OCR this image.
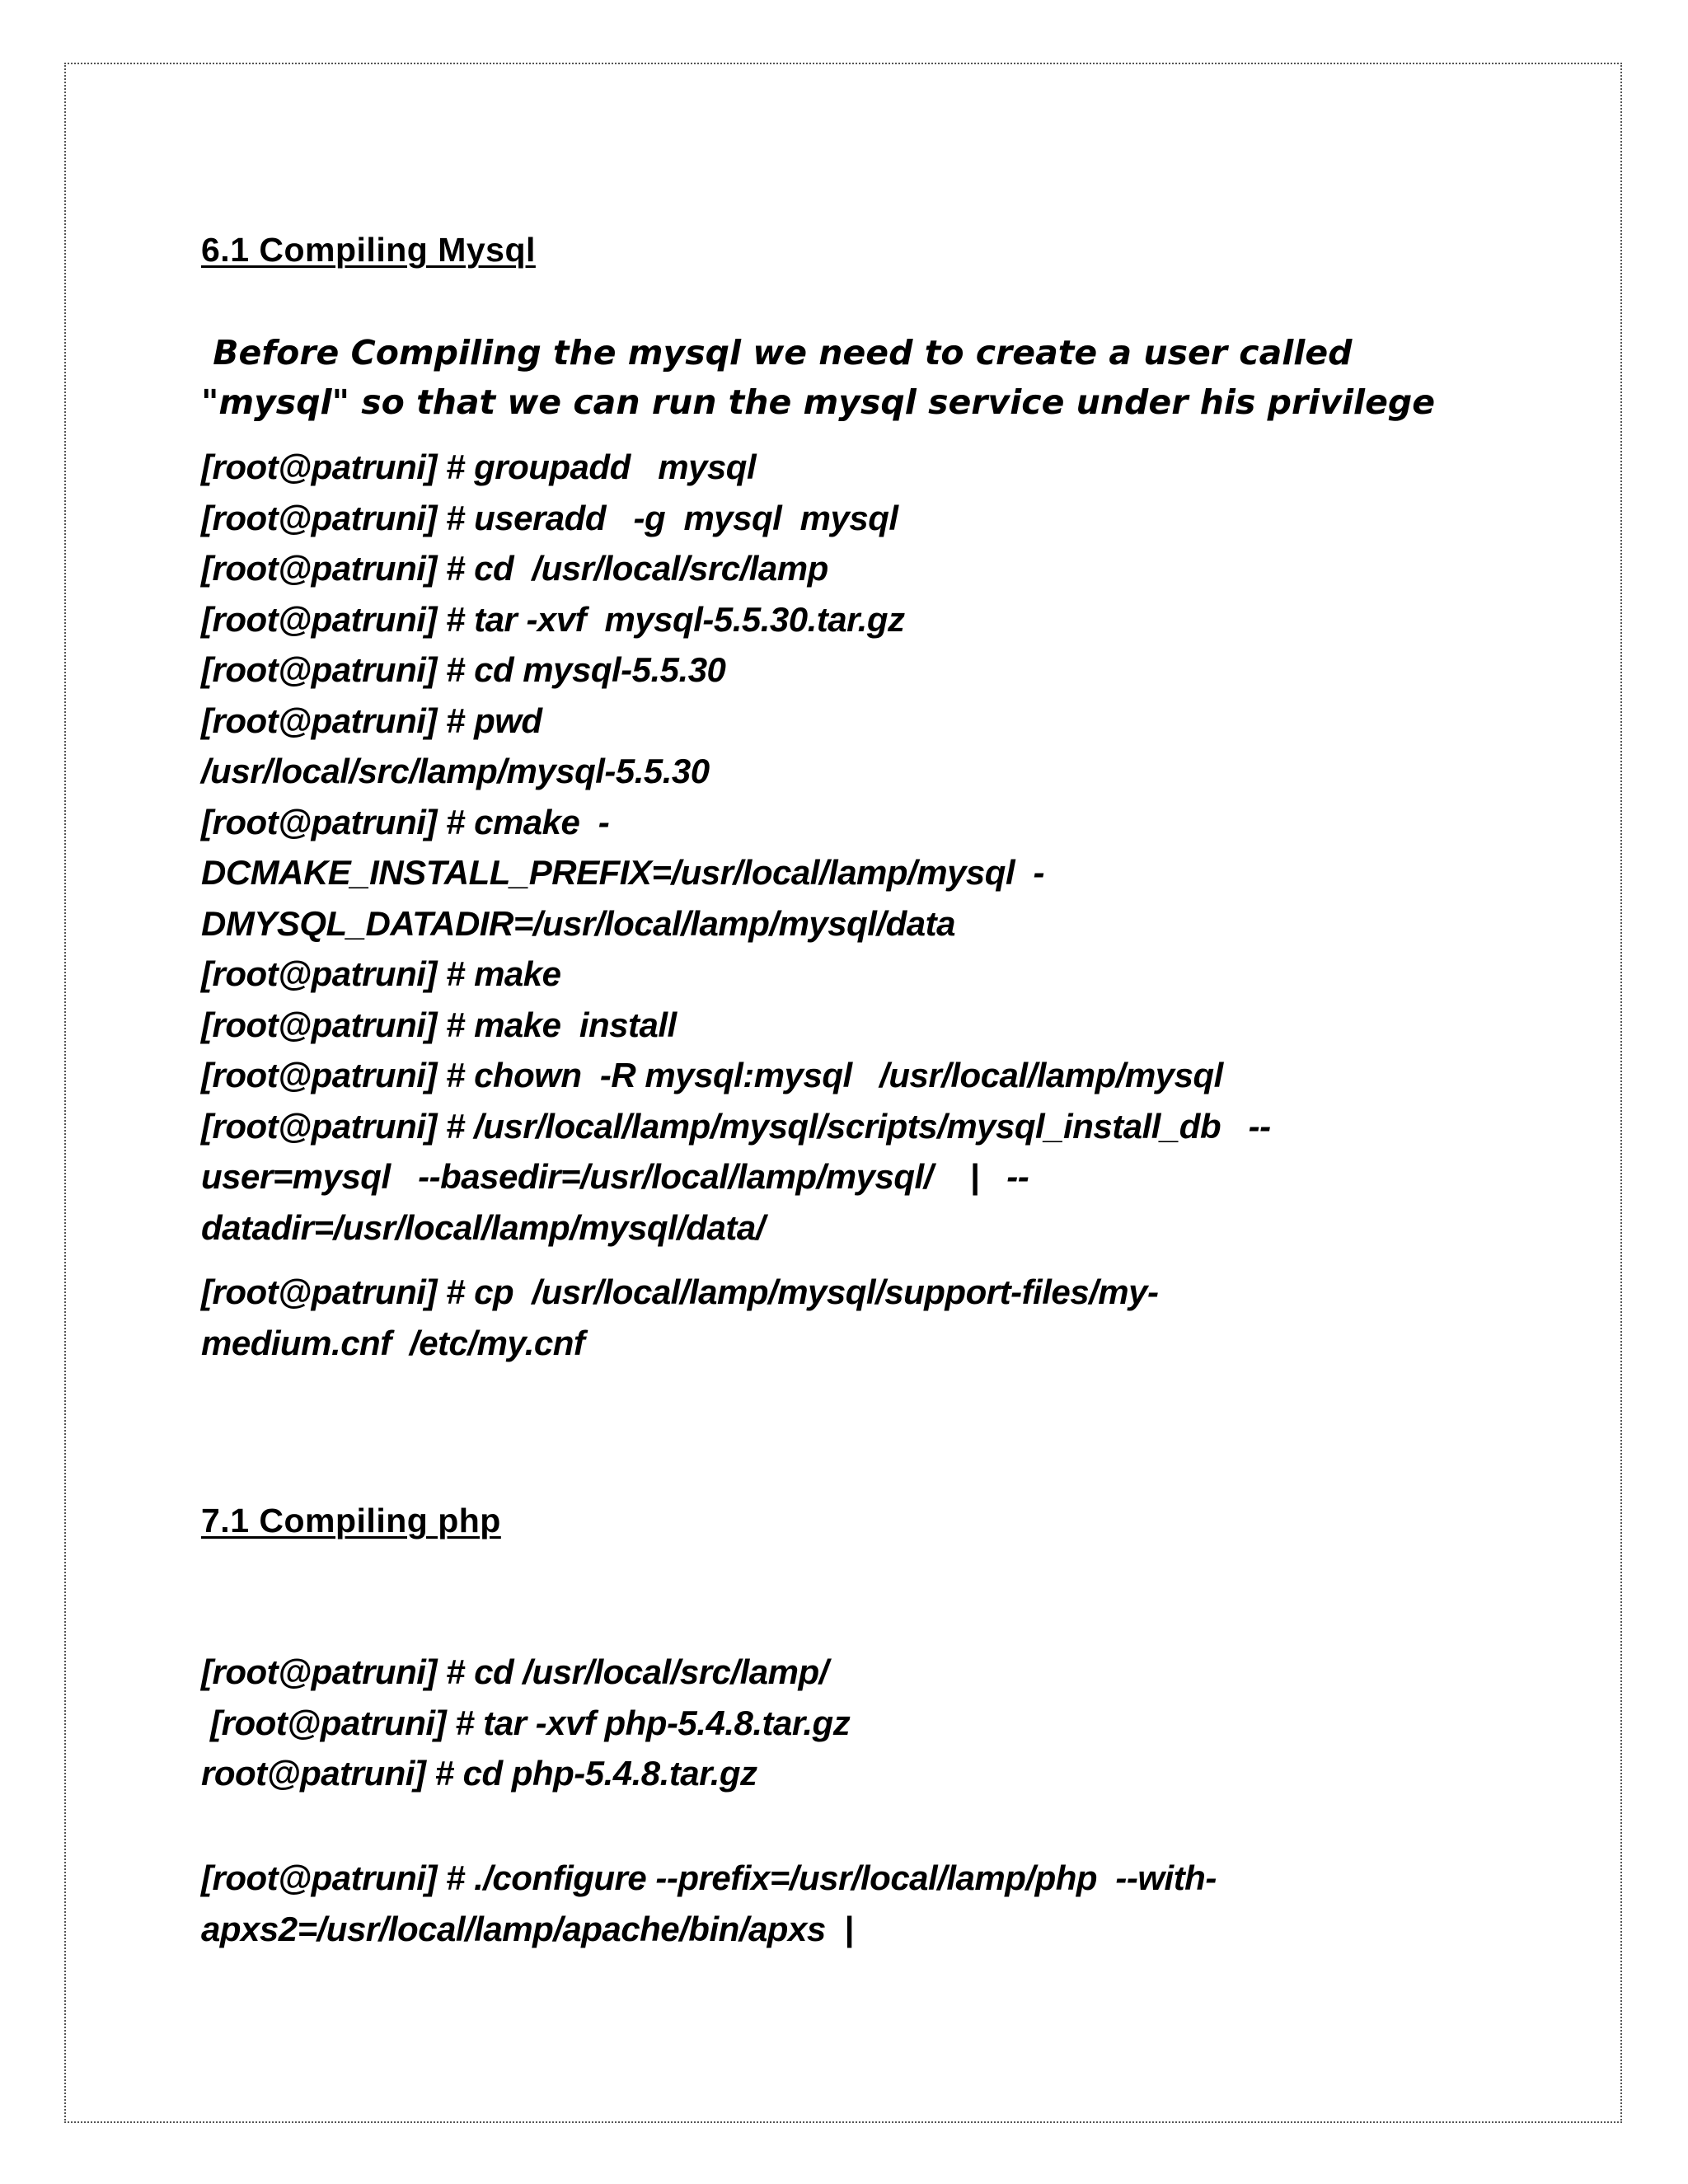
6.1 Compiling Mysql
Before Compiling the mysql we need to create a user called
"mysql" so that we can run the mysql service under his privilege
[root@patruni] # groupadd   mysql
[root@patruni] # useradd   -g  mysql  mysql
[root@patruni] # cd  /usr/local/src/lamp
[root@patruni] # tar -xvf  mysql-5.5.30.tar.gz
[root@patruni] # cd mysql-5.5.30
[root@patruni] # pwd
/usr/local/src/lamp/mysql-5.5.30
[root@patruni] # cmake  -
DCMAKE_INSTALL_PREFIX=/usr/local/lamp/mysql  -
DMYSQL_DATADIR=/usr/local/lamp/mysql/data
[root@patruni] # make
[root@patruni] # make  install
[root@patruni] # chown  -R mysql:mysql   /usr/local/lamp/mysql
[root@patruni] # /usr/local/lamp/mysql/scripts/mysql_install_db   --
user=mysql   --basedir=/usr/local/lamp/mysql/    |   --
datadir=/usr/local/lamp/mysql/data/
[root@patruni] # cp  /usr/local/lamp/mysql/support-files/my-
medium.cnf  /etc/my.cnf
7.1 Compiling php
[root@patruni] # cd /usr/local/src/lamp/
[root@patruni] # tar -xvf php-5.4.8.tar.gz
root@patruni] # cd php-5.4.8.tar.gz
[root@patruni] # ./configure --prefix=/usr/local/lamp/php  --with-
apxs2=/usr/local/lamp/apache/bin/apxs  |
